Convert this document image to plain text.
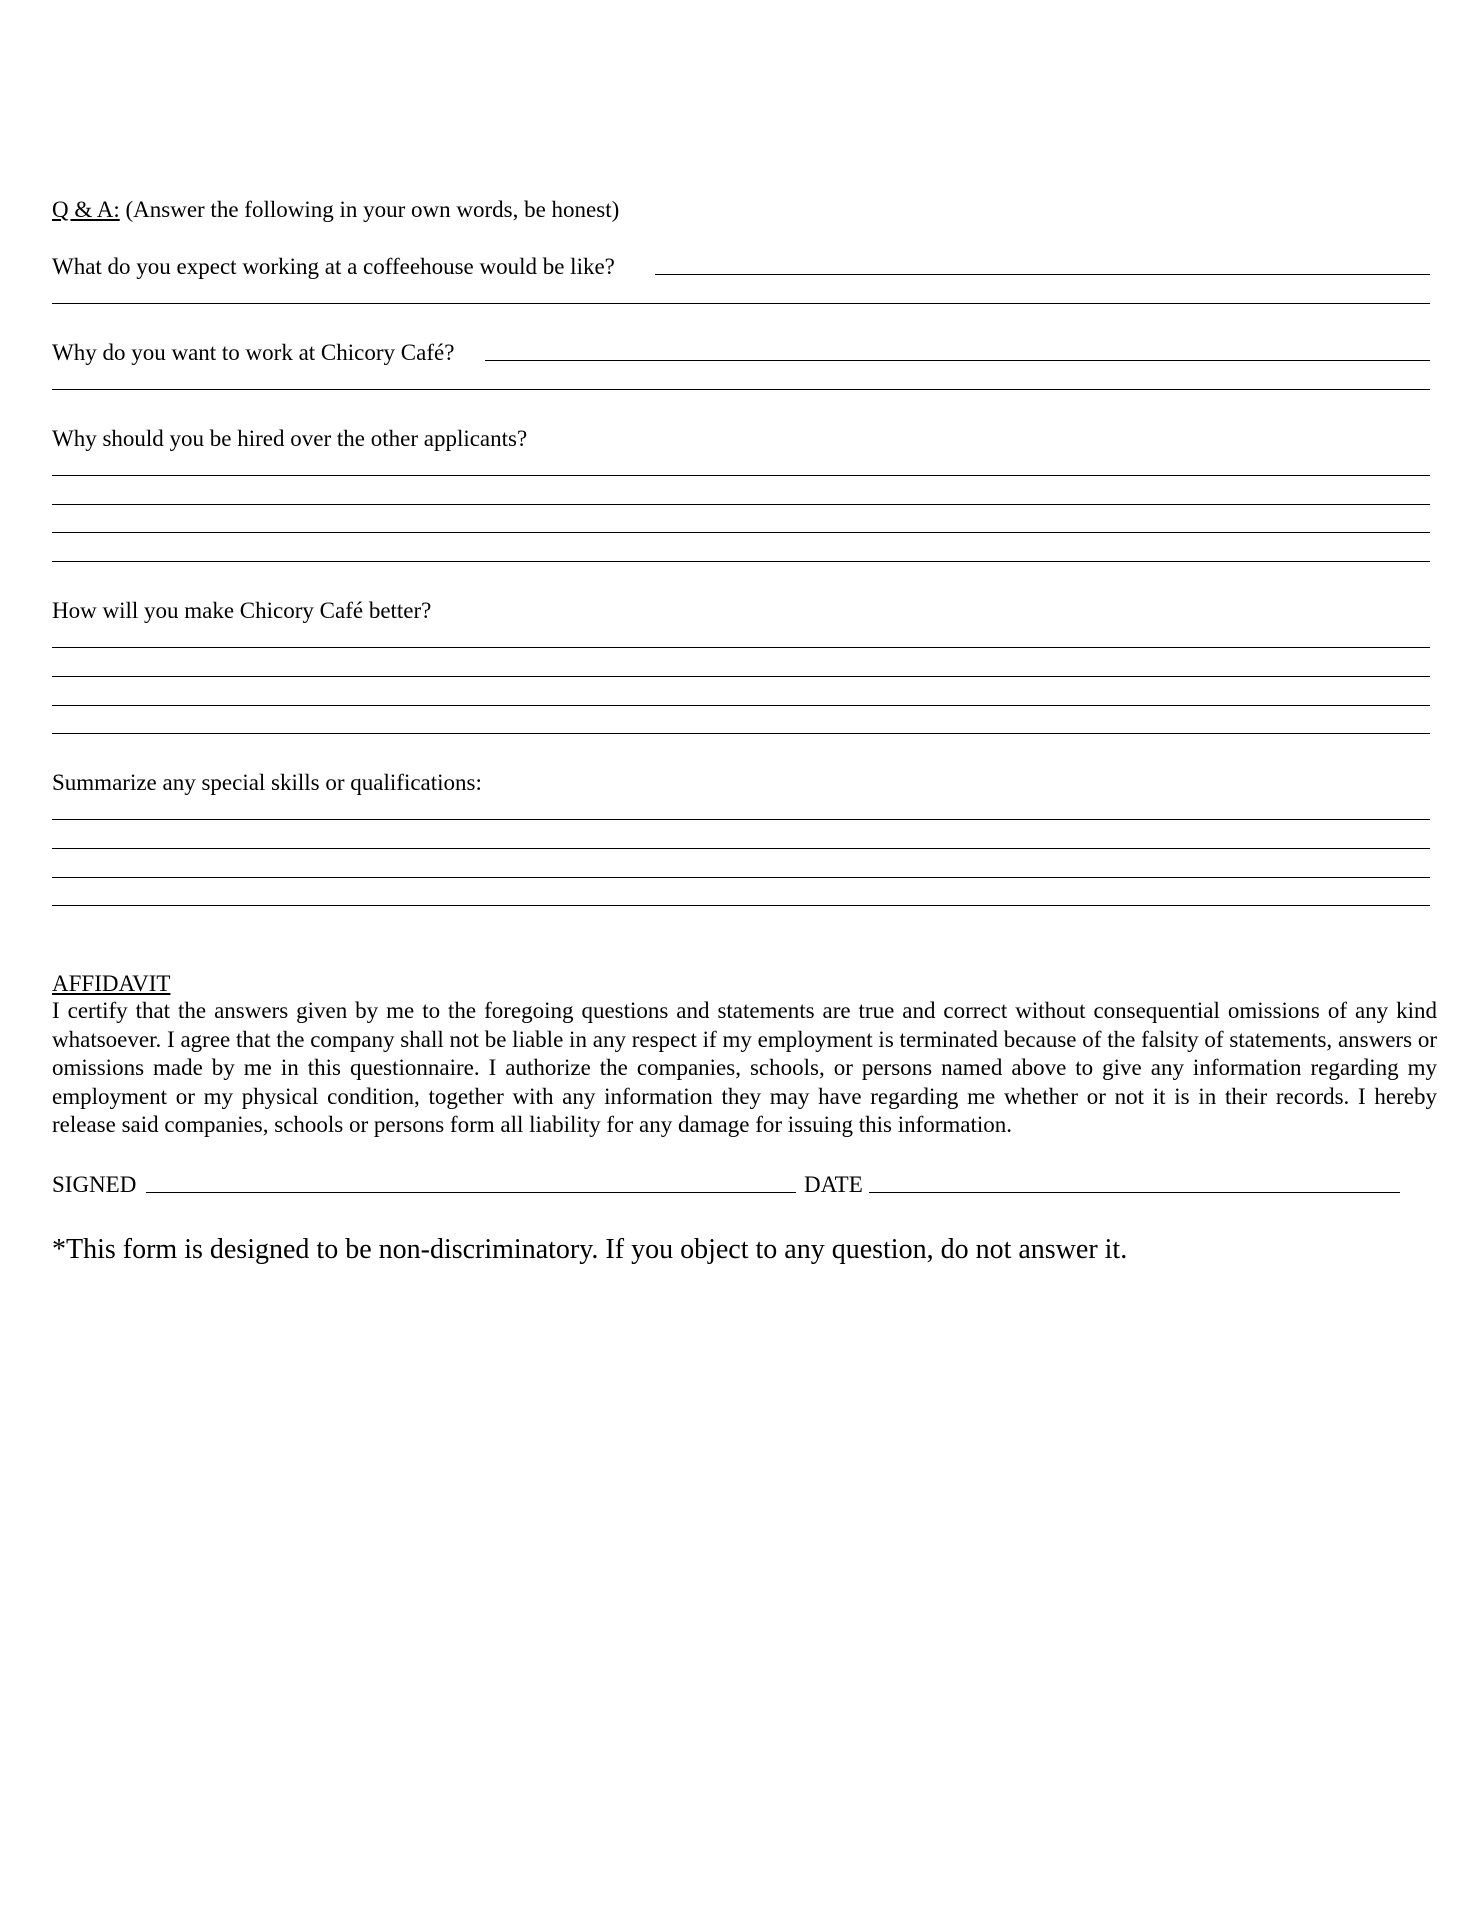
Q & A: (Answer the following in your own words, be honest)
What do you expect working at a coffeehouse would be like?
Why do you want to work at Chicory Café?
Why should you be hired over the other applicants?
How will you make Chicory Café better?
Summarize any special skills or qualifications:
AFFIDAVIT
I certify that the answers given by me to the foregoing questions and statements are true and correct without consequential omissions of any kind whatsoever. I agree that the company shall not be liable in any respect if my employment is terminated because of the falsity of statements, answers or omissions made by me in this questionnaire. I authorize the companies, schools, or persons named above to give any information regarding my employment or my physical condition, together with any information they may have regarding me whether or not it is in their records. I hereby release said companies, schools or persons form all liability for any damage for issuing this information.
SIGNED	DATE
*This form is designed to be non-discriminatory. If you object to any question, do not answer it.
